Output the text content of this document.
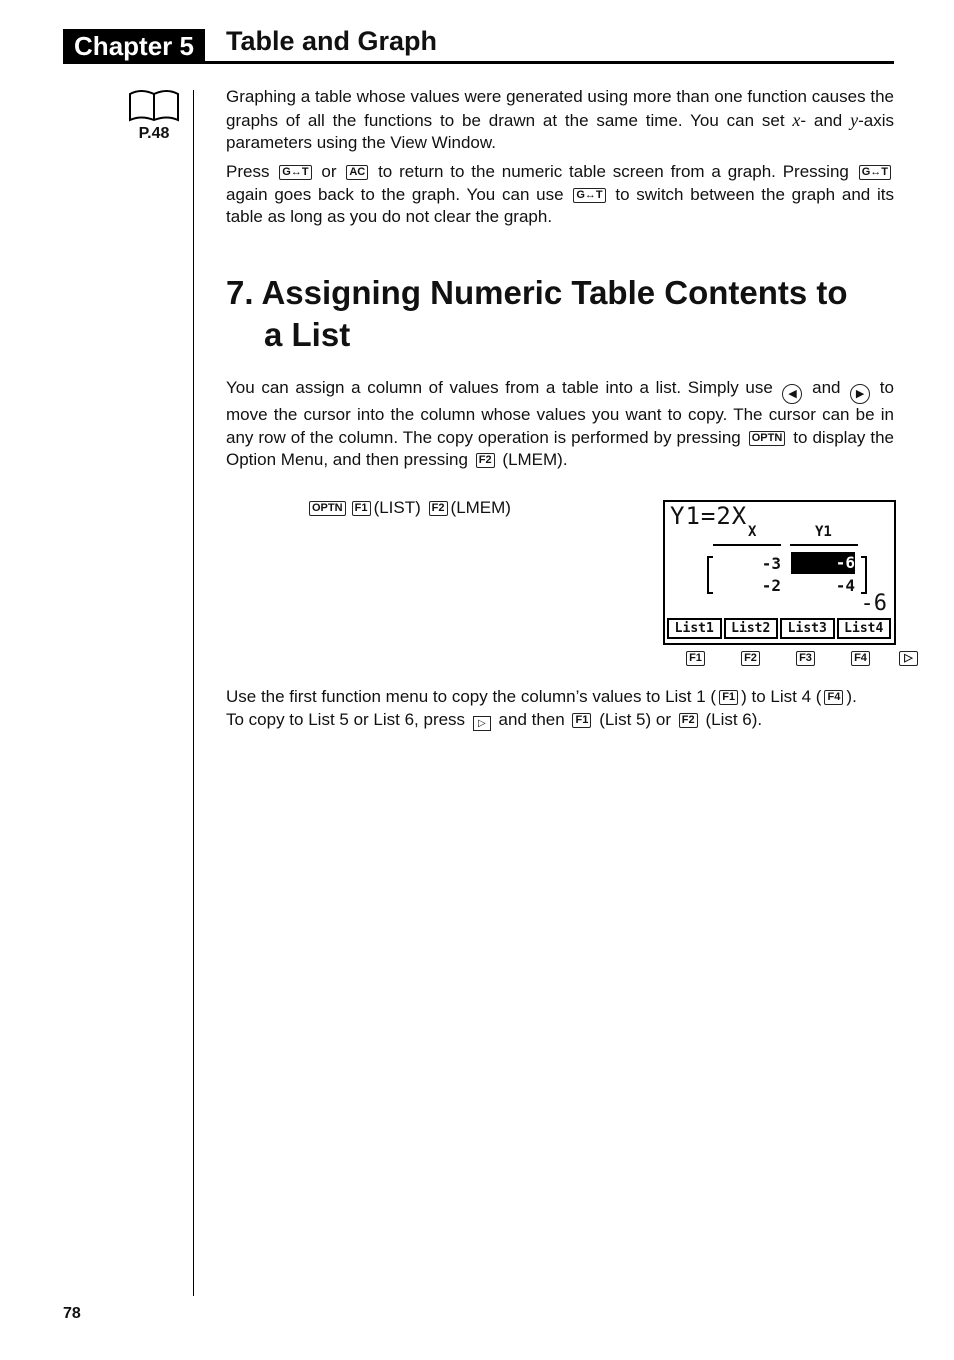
Chapter 5	Table and Graph
P.48

Graphing a table whose values were generated using more than one function causes the graphs of all the functions to be drawn at the same time. You can set x- and y-axis parameters using the View Window.

Press G↔T or AC to return to the numeric table screen from a graph. Pressing G↔T again goes back to the graph. You can use G↔T to switch between the graph and its table as long as you do not clear the graph.

7. Assigning Numeric Table Contents to
a List

You can assign a column of values from a table into a list. Simply use ◀ and ▶ to move the cursor into the column whose values you want to copy. The cursor can be in any row of the column. The copy operation is performed by pressing OPTN to display the Option Menu, and then pressing F2 (LMEM).

OPTN F1 (LIST) F2 (LMEM)	Y1=2X
X	Y1
-3	-6
-2	-4
-6
List1	List2	List3	List4
F1	F2	F3	F4	▷

Use the first function menu to copy the column’s values to List 1 ( F1 ) to List 4 ( F4 ).

To copy to List 5 or List 6, press ▷ and then F1 (List 5) or F2 (List 6).

78
